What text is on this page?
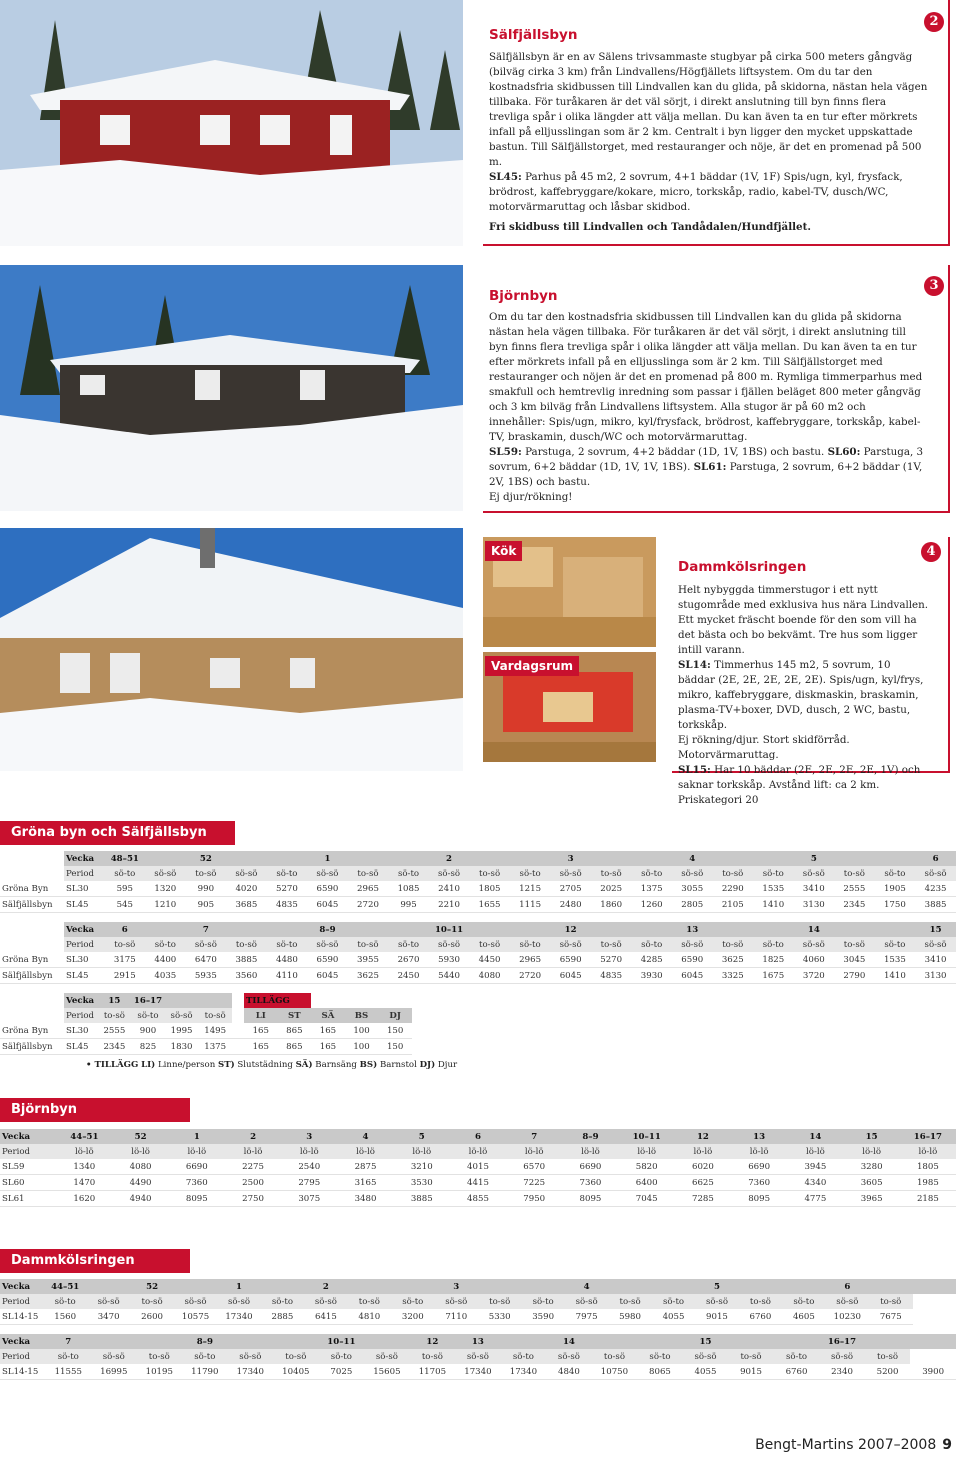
Kök
Vardagsrum
Sälfjällsbyn

Sälfjällsbyn är en av Sälens trivsammaste stugbyar på cirka 500 meters gångväg (bilväg cirka 3 km) från Lindvallens/Högfjällets liftsystem. Om du tar den kostnadsfria skidbussen till Lindvallen kan du glida, på skidorna, nästan hela vägen tillbaka. För turåkaren är det väl sörjt, i direkt anslutning till byn finns flera trevliga spår i olika längder att välja mellan. Du kan även ta en tur efter mörkrets infall på elljusslingan som är 2 km. Centralt i byn ligger den mycket uppskattade bastun. Till Sälfjällstorget, med restauranger och nöje, är det en promenad på 500 m.

SL45: Parhus på 45 m2, 2 sovrum, 4+1 bäddar (1V, 1F) Spis/ugn, kyl, frysfack, brödrost, kaffebryggare/kokare, micro, torkskåp, radio, kabel-TV, dusch/WC, motorvärmaruttag och låsbar skidbod.

Fri skidbuss till Lindvallen och Tandådalen/Hundfjället.

2
Björnbyn

Om du tar den kostnadsfria skidbussen till Lindvallen kan du glida på skidorna nästan hela vägen tillbaka. För turåkaren är det väl sörjt, i direkt anslutning till byn finns flera trevliga spår i olika längder att välja mellan. Du kan även ta en tur efter mörkrets infall på en elljusslinga som är 2 km. Till Sälfjällstorget med restauranger och nöjen är det en promenad på 800 m. Rymliga timmerparhus med smakfull och hemtrevlig inredning som passar i fjällen beläget 800 meter gångväg och 3 km bilväg från Lindvallens liftsystem. Alla stugor är på 60 m2 och innehåller: Spis/ugn, mikro, kyl/frysfack, brödrost, kaffebryggare, torkskåp, kabel-TV, braskamin, dusch/WC och motorvärmaruttag.

SL59: Parstuga, 2 sovrum, 4+2 bäddar (1D, 1V, 1BS) och bastu. SL60: Parstuga, 3 sovrum, 6+2 bäddar (1D, 1V, 1V, 1BS). SL61: Parstuga, 2 sovrum, 6+2 bäddar (1V, 2V, 1BS) och bastu.

Ej djur/rökning!

3
Dammkölsringen

Helt nybyggda timmerstugor i ett nytt stugområde med exklusiva hus nära Lindvallen. Ett mycket fräscht boende för den som vill ha det bästa och bo bekvämt. Tre hus som ligger intill varann.

SL14: Timmerhus 145 m2, 5 sovrum, 10 bäddar (2E, 2E, 2E, 2E, 2E). Spis/ugn, kyl/frys, mikro, kaffebryggare, diskmaskin, braskamin, plasma-TV+boxer, DVD, dusch, 2 WC, bastu, torkskåp.

Ej rökning/djur. Stort skidförråd. Motorvärmaruttag.

SL15: Har 10 bäddar (2E, 2E, 2E, 2E, 1V) och saknar torkskåp. Avstånd lift: ca 2 km. Priskategori 20

4
Gröna byn och Sälfjällsbyn
	Vecka	48–51		52			1			2			3			4			5			6
	Period	sö-to	sö-sö	to-sö	sö-sö	sö-to	sö-sö	to-sö	sö-to	sö-sö	to-sö	sö-to	sö-sö	to-sö	sö-to	sö-sö	to-sö	sö-to	sö-sö	to-sö	sö-to	sö-sö
Gröna Byn	SL30	595	1320	990	4020	5270	6590	2965	1085	2410	1805	1215	2705	2025	1375	3055	2290	1535	3410	2555	1905	4235
Sälfjällsbyn	SL45	545	1210	905	3685	4835	6045	2720	995	2210	1655	1115	2480	1860	1260	2805	2105	1410	3130	2345	1750	3885
	Vecka	6		7			8–9			10–11			12			13			14			15
	Period	to-sö	sö-to	sö-sö	to-sö	sö-to	sö-sö	to-sö	sö-to	sö-sö	to-sö	sö-to	sö-sö	to-sö	sö-to	sö-sö	to-sö	sö-to	sö-sö	to-sö	sö-to	sö-sö
Gröna Byn	SL30	3175	4400	6470	3885	4480	6590	3955	2670	5930	4450	2965	6590	5270	4285	6590	3625	1825	4060	3045	1535	3410
Sälfjällsbyn	SL45	2915	4035	5935	3560	4110	6045	3625	2450	5440	4080	2720	6045	4835	3930	6045	3325	1675	3720	2790	1410	3130
	Vecka	15	16–17				TILLÄGG				
	Period	to-sö	sö-to	sö-sö	to-sö		LI	ST	SÄ	BS	DJ
Gröna Byn	SL30	2555	900	1995	1495		165	865	165	100	150
Sälfjällsbyn	SL45	2345	825	1830	1375		165	865	165	100	150
• TILLÄGG LI) Linne/person ST) Slutstädning SÄ) Barnsäng BS) Barnstol DJ) Djur
Björnbyn
Vecka	44–51	52	1	2	3	4	5	6	7	8–9	10–11	12	13	14	15	16–17
Period	lö-lö	lö-lö	lö-lö	lö-lö	lö-lö	lö-lö	lö-lö	lö-lö	lö-lö	lö-lö	lö-lö	lö-lö	lö-lö	lö-lö	lö-lö	lö-lö
SL59	1340	4080	6690	2275	2540	2875	3210	4015	6570	6690	5820	6020	6690	3945	3280	1805
SL60	1470	4490	7360	2500	2795	3165	3530	4415	7225	7360	6400	6625	7360	4340	3605	1985
SL61	1620	4940	8095	2750	3075	3480	3885	4855	7950	8095	7045	7285	8095	4775	3965	2185
Dammkölsringen
Vecka	44–51		52		1		2			3			4			5			6		
Period	sö-to	sö-sö	to-sö	sö-sö	sö-sö	sö-to	sö-sö	to-sö	sö-to	sö-sö	to-sö	sö-to	sö-sö	to-sö	sö-to	sö-sö	to-sö	sö-to	sö-sö	to-sö	
SL14-15	1560	3470	2600	10575	17340	2885	6415	4810	3200	7110	5330	3590	7975	5980	4055	9015	6760	4605	10230	7675	
Vecka	7			8–9			10–11		12	13		14			15			16–17		
Period	sö-to	sö-sö	to-sö	sö-to	sö-sö	to-sö	sö-to	sö-sö	to-sö	sö-sö	sö-to	sö-sö	to-sö	sö-to	sö-sö	to-sö	sö-to	sö-sö	to-sö	
SL14-15	11555	16995	10195	11790	17340	10405	7025	15605	11705	17340	17340	4840	10750	8065	4055	9015	6760	2340	5200	3900
Bengt-Martins 2007–2008 9
